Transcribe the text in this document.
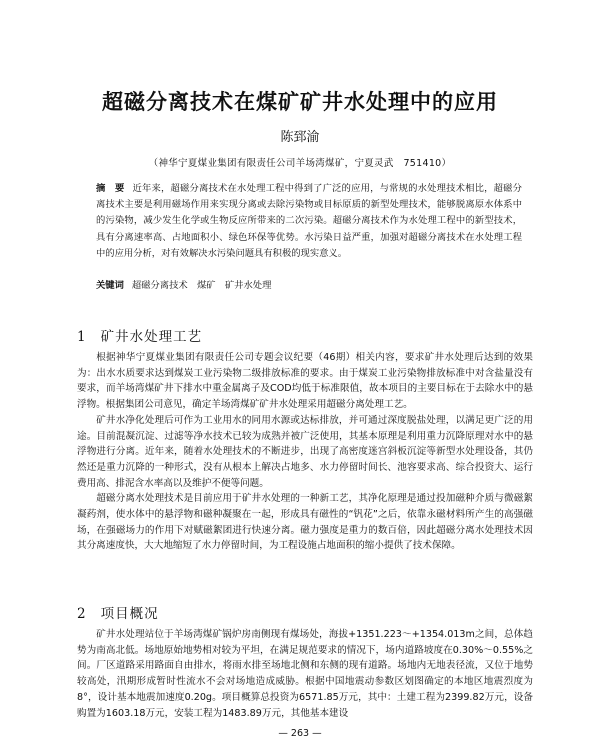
超磁分离技术在煤矿矿井水处理中的应用
陈郅渝
（神华宁夏煤业集团有限责任公司羊场湾煤矿，宁夏灵武　751410）
摘　要 近年来，超磁分离技术在水处理工程中得到了广泛的应用，与常规的水处理技术相比，超磁分离技术主要是利用磁场作用来实现分离或去除污染物或目标原质的新型处理技术，能够脱离原水体系中的污染物，减少发生化学或生物反应所带来的二次污染。超磁分离技术作为水处理工程中的新型技术，具有分离速率高、占地面积小、绿色环保等优势。水污染日益严重，加强对超磁分离技术在水处理工程中的应用分析，对有效解决水污染问题具有积极的现实意义。
关键词 超磁分离技术　煤矿　矿井水处理
1 矿井水处理工艺

根据神华宁夏煤业集团有限责任公司专题会议纪要（46期）相关内容，要求矿井水处理后达到的效果为：出水水质要求达到煤炭工业污染物二级排放标准的要求。由于煤炭工业污染物排放标准中对含盐量没有要求，而羊场湾煤矿井下排水中重金属离子及COD均低于标准限值，故本项目的主要目标在于去除水中的悬浮物。根据集团公司意见，确定羊场湾煤矿矿井水处理采用超磁分离处理工艺。

矿井水净化处理后可作为工业用水的同用水源或达标排放，并可通过深度脱盐处理，以满足更广泛的用途。目前混凝沉淀、过滤等净水技术已较为成熟并被广泛使用，其基本原理是利用重力沉降原理对水中的悬浮物进行分离。近年来，随着水处理技术的不断进步，出现了高密度迷宫斜板沉淀等新型水处理设备，其仍然还是重力沉降的一种形式，没有从根本上解决占地多、水力停留时间长、池容要求高、综合投资大、运行费用高、排泥含水率高以及维护不便等问题。

超磁分离水处理技术是目前应用于矿井水处理的一种新工艺，其净化原理是通过投加磁种介质与微磁絮凝药剂，使水体中的悬浮物和磁种凝聚在一起，形成具有磁性的“钒花”之后，依靠永磁材料所产生的高强磁场，在强磁场力的作用下对赋磁絮团进行快速分离。磁力强度是重力的数百倍，因此超磁分离水处理技术因其分离速度快，大大地缩短了水力停留时间，为工程设施占地面积的缩小提供了技术保障。

2 项目概况

矿井水处理站位于羊场湾煤矿锅炉房南侧现有煤场处，海拔+1351.223～+1354.013m之间，总体趋势为南高北低。场地原始地势相对较为平坦，在满足规范要求的情况下，场内道路坡度在0.30%～0.55%之间。厂区道路采用路面自由排水，将雨水排至场地北侧和东侧的现有道路。场地内无地表径流，又位于地势较高处，汛期形成暂时性流水不会对场地造成威胁。根据中国地震动参数区划图确定的本地区地震烈度为8°，设计基本地震加速度0.20g。项目概算总投资为6571.85万元，其中：土建工程为2399.82万元，设备购置为1603.18万元，安装工程为1483.89万元，其他基本建设

— 263 —
